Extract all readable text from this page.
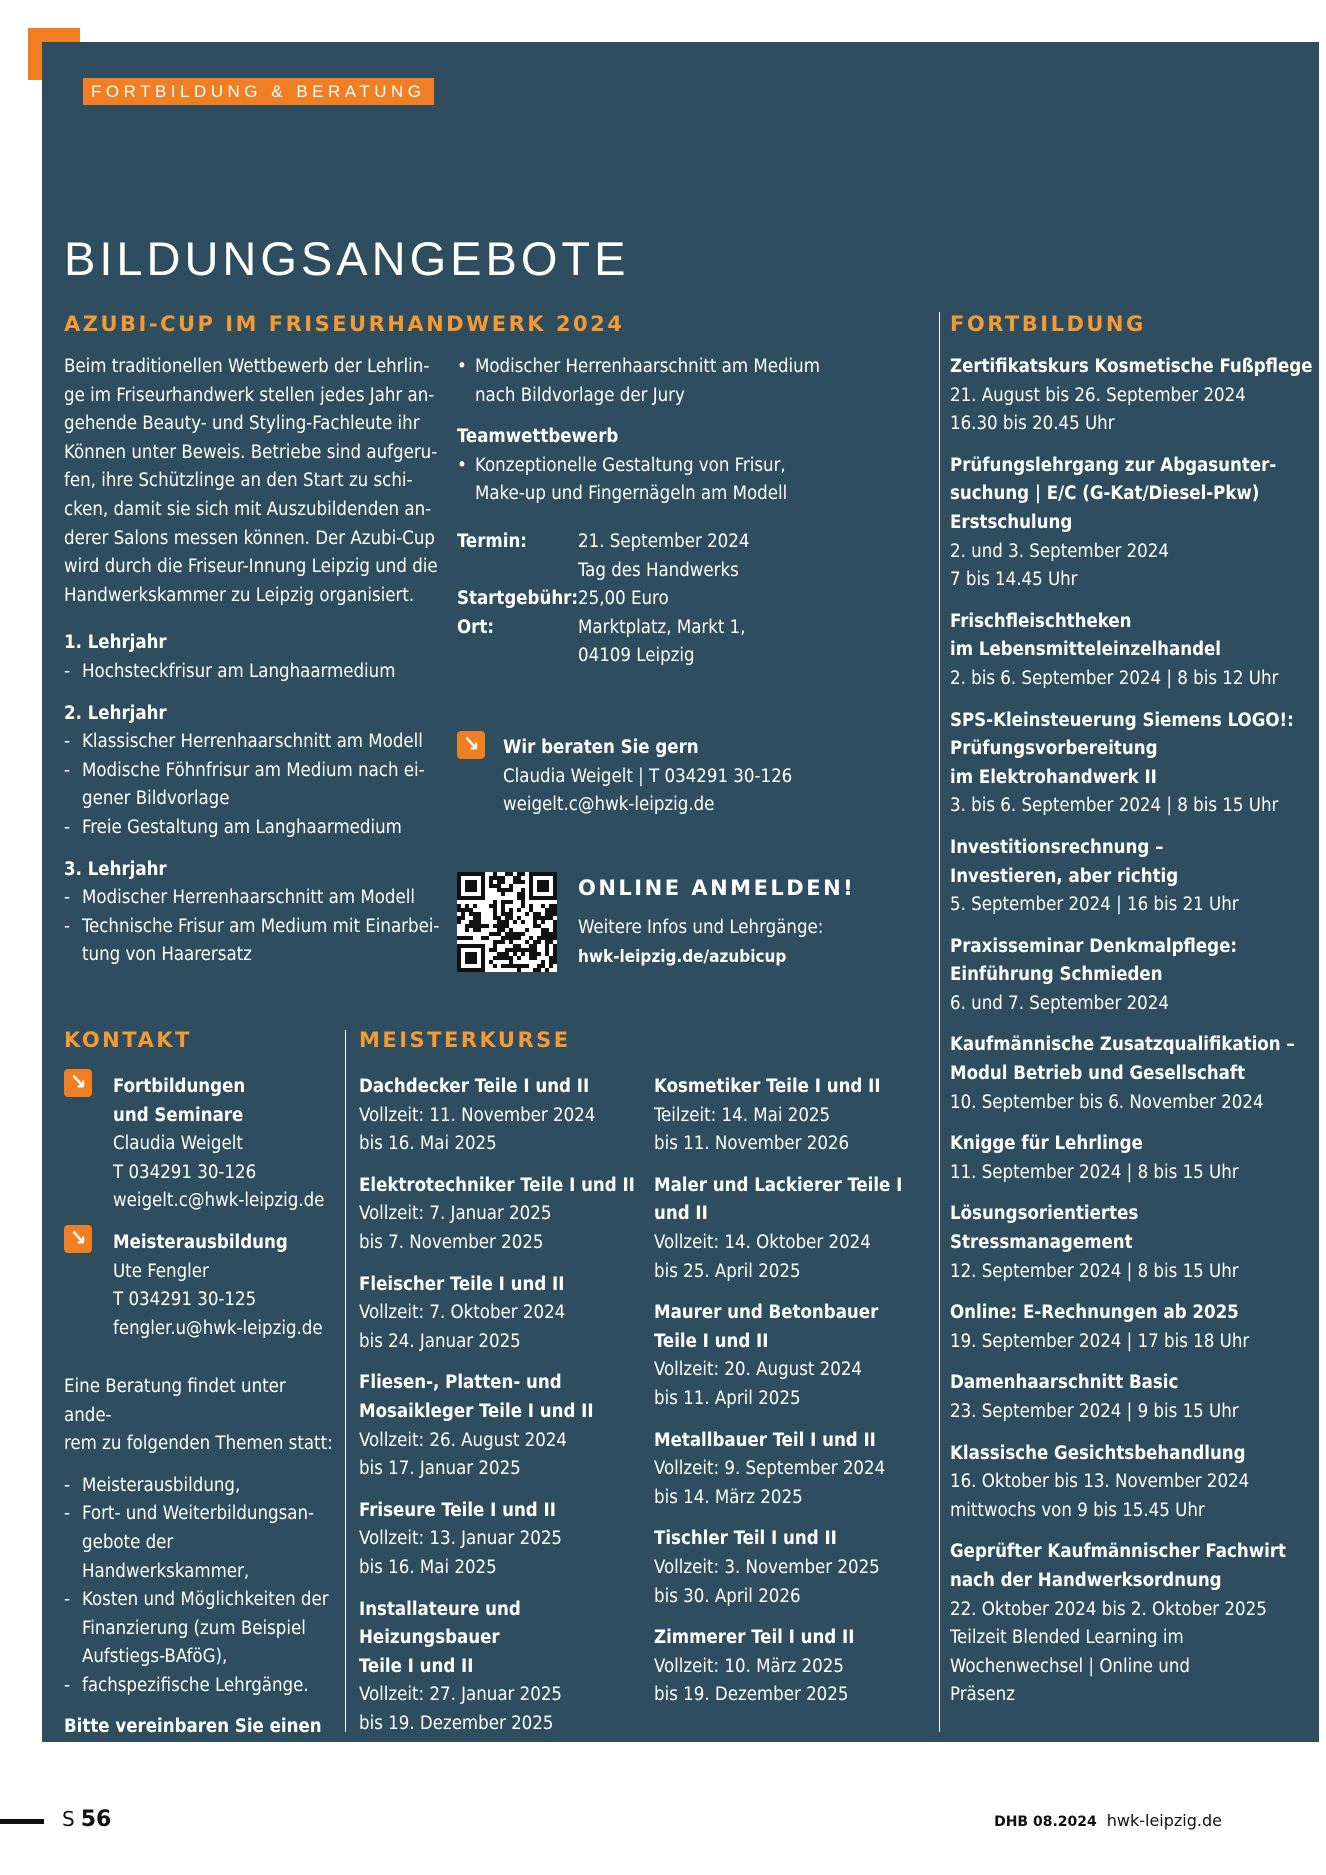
FORTBILDUNG & BERATUNG
BILDUNGSANGEBOTE
AZUBI-CUP IM FRISEURHANDWERK 2024
Beim traditionellen Wettbewerb der Lehrlin-
ge im Friseurhandwerk stellen jedes Jahr an-
gehende Beauty- und Styling-Fachleute ihr
Können unter Beweis. Betriebe sind aufgeru-
fen, ihre Schützlinge an den Start zu schi-
cken, damit sie sich mit Auszubildenden an-
derer Salons messen können. Der Azubi-Cup
wird durch die Friseur-Innung Leipzig und die
Handwerkskammer zu Leipzig organisiert.
1. Lehrjahr
- Hochsteckfrisur am Langhaarmedium
2. Lehrjahr
- Klassischer Herrenhaarschnitt am Modell
- Modische Föhnfrisur am Medium nach ei-
gener Bildvorlage
- Freie Gestaltung am Langhaarmedium
3. Lehrjahr
- Modischer Herrenhaarschnitt am Modell
- Technische Frisur am Medium mit Einarbei-
tung von Haarersatz
• Modischer Herrenhaarschnitt am Medium
nach Bildvorlage der Jury
Teamwettbewerb
• Konzeptionelle Gestaltung von Frisur,
Make-up und Fingernägeln am Modell
Termin:	21. September 2024
	Tag des Handwerks
Startgebühr:	25,00 Euro
Ort:	Marktplatz, Markt 1,
	04109 Leipzig
↘	Wir beraten Sie gern
Claudia Weigelt | T 034291 30-126
weigelt.c@hwk-leipzig.de
ONLINE ANMELDEN!
Weitere Infos und Lehrgänge:
hwk-leipzig.de/azubicup
KONTAKT
↘	Fortbildungen
und Seminare
Claudia Weigelt
T 034291 30-126
weigelt.c@hwk-leipzig.de
↘	Meisterausbildung
Ute Fengler
T 034291 30-125
fengler.u@hwk-leipzig.de
Eine Beratung findet unter ande-
rem zu folgenden Themen statt:
- Meisterausbildung,
- Fort- und Weiterbildungsan-
gebote der Handwerkskammer,
- Kosten und Möglichkeiten der
Finanzierung (zum Beispiel
Aufstiegs-BAföG),
- fachspezifische Lehrgänge.
Bitte vereinbaren Sie einen
individuellen Termin.
MEISTERKURSE
Dachdecker Teile I und II
Vollzeit: 11. November 2024
bis 16. Mai 2025
Elektrotechniker Teile I und II
Vollzeit: 7. Januar 2025
bis 7. November 2025
Fleischer Teile I und II
Vollzeit: 7. Oktober 2024
bis 24. Januar 2025
Fliesen-, Platten- und
Mosaikleger Teile I und II
Vollzeit: 26. August 2024
bis 17. Januar 2025
Friseure Teile I und II
Vollzeit: 13. Januar 2025
bis 16. Mai 2025
Installateure und Heizungsbauer
Teile I und II
Vollzeit: 27. Januar 2025
bis 19. Dezember 2025
Kosmetiker Teile I und II
Teilzeit: 14. Mai 2025
bis 11. November 2026
Maler und Lackierer Teile I und II
Vollzeit: 14. Oktober 2024
bis 25. April 2025
Maurer und Betonbauer
Teile I und II
Vollzeit: 20. August 2024
bis 11. April 2025
Metallbauer Teil I und II
Vollzeit: 9. September 2024
bis 14. März 2025
Tischler Teil I und II
Vollzeit: 3. November 2025
bis 30. April 2026
Zimmerer Teil I und II
Vollzeit: 10. März 2025
bis 19. Dezember 2025
FORTBILDUNG
Zertifikatskurs Kosmetische Fußpflege
21. August bis 26. September 2024
16.30 bis 20.45 Uhr
Prüfungslehrgang zur Abgasunter-
suchung | E/C (G-Kat/Diesel-Pkw)
Erstschulung
2. und 3. September 2024
7 bis 14.45 Uhr
Frischfleischtheken
im Lebensmitteleinzelhandel
2. bis 6. September 2024 | 8 bis 12 Uhr
SPS-Kleinsteuerung Siemens LOGO!:
Prüfungsvorbereitung
im Elektrohandwerk II
3. bis 6. September 2024 | 8 bis 15 Uhr
Investitionsrechnung –
Investieren, aber richtig
5. September 2024 | 16 bis 21 Uhr
Praxisseminar Denkmalpflege:
Einführung Schmieden
6. und 7. September 2024
Kaufmännische Zusatzqualifikation –
Modul Betrieb und Gesellschaft
10. September bis 6. November 2024
Knigge für Lehrlinge
11. September 2024 | 8 bis 15 Uhr
Lösungsorientiertes
Stressmanagement
12. September 2024 | 8 bis 15 Uhr
Online: E-Rechnungen ab 2025
19. September 2024 | 17 bis 18 Uhr
Damenhaarschnitt Basic
23. September 2024 | 9 bis 15 Uhr
Klassische Gesichtsbehandlung
16. Oktober bis 13. November 2024
mittwochs von 9 bis 15.45 Uhr
Geprüfter Kaufmännischer Fachwirt
nach der Handwerksordnung
22. Oktober 2024 bis 2. Oktober 2025
Teilzeit Blended Learning im
Wochenwechsel | Online und
Präsenz
S 56	DHB 08.2024 hwk-leipzig.de
